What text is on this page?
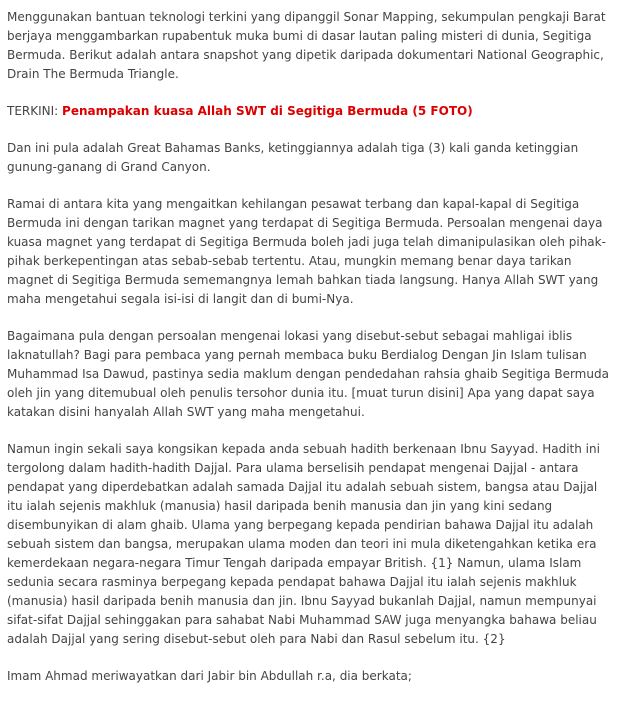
Menggunakan bantuan teknologi terkini yang dipanggil Sonar Mapping, sekumpulan pengkaji Barat berjaya menggambarkan rupabentuk muka bumi di dasar lautan paling misteri di dunia, Segitiga Bermuda. Berikut adalah antara snapshot yang dipetik daripada dokumentari National Geographic, Drain The Bermuda Triangle.

TERKINI: Penampakan kuasa Allah SWT di Segitiga Bermuda (5 FOTO)

Dan ini pula adalah Great Bahamas Banks, ketinggiannya adalah tiga (3) kali ganda ketinggian gunung-ganang di Grand Canyon.

Ramai di antara kita yang mengaitkan kehilangan pesawat terbang dan kapal-kapal di Segitiga Bermuda ini dengan tarikan magnet yang terdapat di Segitiga Bermuda. Persoalan mengenai daya kuasa magnet yang terdapat di Segitiga Bermuda boleh jadi juga telah dimanipulasikan oleh pihak-pihak berkepentingan atas sebab-sebab tertentu. Atau, mungkin memang benar daya tarikan magnet di Segitiga Bermuda sememangnya lemah bahkan tiada langsung. Hanya Allah SWT yang maha mengetahui segala isi-isi di langit dan di bumi-Nya.

Bagaimana pula dengan persoalan mengenai lokasi yang disebut-sebut sebagai mahligai iblis laknatullah? Bagi para pembaca yang pernah membaca buku Berdialog Dengan Jin Islam tulisan Muhammad Isa Dawud, pastinya sedia maklum dengan pendedahan rahsia ghaib Segitiga Bermuda oleh jin yang ditemubual oleh penulis tersohor dunia itu. [muat turun disini] Apa yang dapat saya katakan disini hanyalah Allah SWT yang maha mengetahui.

Namun ingin sekali saya kongsikan kepada anda sebuah hadith berkenaan Ibnu Sayyad. Hadith ini tergolong dalam hadith-hadith Dajjal. Para ulama berselisih pendapat mengenai Dajjal - antara pendapat yang diperdebatkan adalah samada Dajjal itu adalah sebuah sistem, bangsa atau Dajjal itu ialah sejenis makhluk (manusia) hasil daripada benih manusia dan jin yang kini sedang disembunyikan di alam ghaib. Ulama yang berpegang kepada pendirian bahawa Dajjal itu adalah sebuah sistem dan bangsa, merupakan ulama moden dan teori ini mula diketengahkan ketika era kemerdekaan negara-negara Timur Tengah daripada empayar British. {1} Namun, ulama Islam sedunia secara rasminya berpegang kepada pendapat bahawa Dajjal itu ialah sejenis makhluk (manusia) hasil daripada benih manusia dan jin. Ibnu Sayyad bukanlah Dajjal, namun mempunyai sifat-sifat Dajjal sehinggakan para sahabat Nabi Muhammad SAW juga menyangka bahawa beliau adalah Dajjal yang sering disebut-sebut oleh para Nabi dan Rasul sebelum itu. {2}

Imam Ahmad meriwayatkan dari Jabir bin Abdullah r.a, dia berkata;
